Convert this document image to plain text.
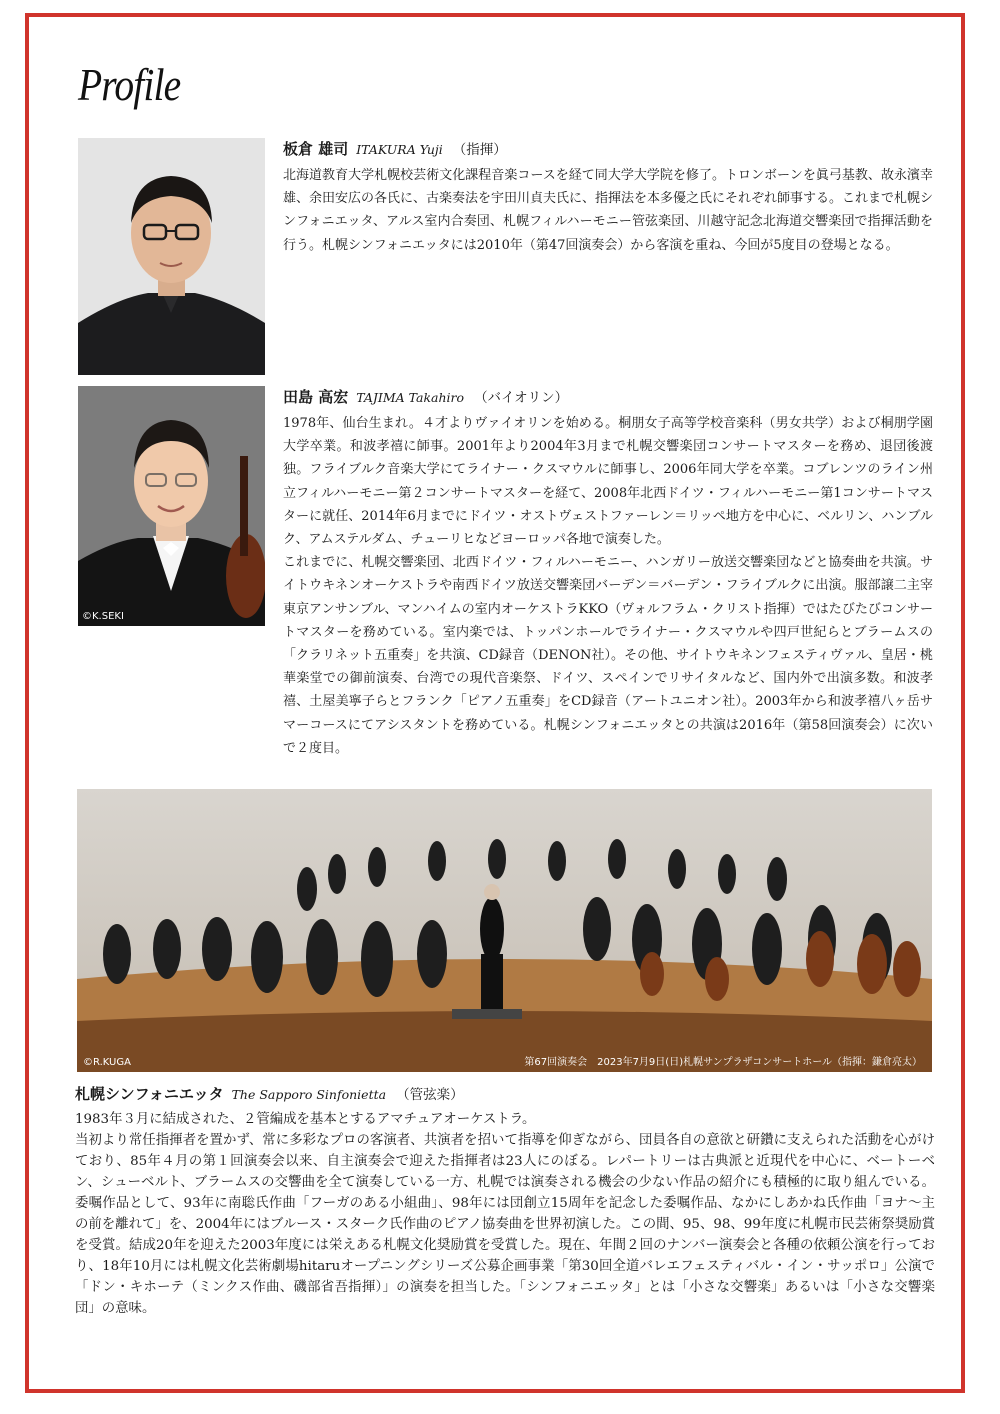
Profile
板倉 雄司 ITAKURA Yuji （指揮）

北海道教育大学札幌校芸術文化課程音楽コースを経て同大学大学院を修了。トロンボーンを眞弓基教、故永濱幸雄、余田安広の各氏に、古楽奏法を宇田川貞夫氏に、指揮法を本多優之氏にそれぞれ師事する。これまで札幌シンフォニエッタ、アルス室内合奏団、札幌フィルハーモニー管弦楽団、川越守記念北海道交響楽団で指揮活動を行う。札幌シンフォニエッタには2010年（第47回演奏会）から客演を重ね、今回が5度目の登場となる。

©K.SEKI
田島 高宏 TAJIMA Takahiro （バイオリン）

1978年、仙台生まれ。４才よりヴァイオリンを始める。桐朋女子高等学校音楽科（男女共学）および桐朋学園大学卒業。和波孝禧に師事。2001年より2004年3月まで札幌交響楽団コンサートマスターを務め、退団後渡独。フライブルク音楽大学にてライナー・クスマウルに師事し、2006年同大学を卒業。コブレンツのライン州立フィルハーモニー第２コンサートマスターを経て、2008年北西ドイツ・フィルハーモニー第1コンサートマスターに就任、2014年6月までにドイツ・オストヴェストファーレン＝リッペ地方を中心に、ベルリン、ハンブルク、アムステルダム、チューリヒなどヨーロッパ各地で演奏した。

これまでに、札幌交響楽団、北西ドイツ・フィルハーモニー、ハンガリー放送交響楽団などと協奏曲を共演。サイトウキネンオーケストラや南西ドイツ放送交響楽団バーデン＝バーデン・フライブルクに出演。服部譲二主宰東京アンサンブル、マンハイムの室内オーケストラKKO（ヴォルフラム・クリスト指揮）ではたびたびコンサートマスターを務めている。室内楽では、トッパンホールでライナー・クスマウルや四戸世紀らとブラームスの「クラリネット五重奏」を共演、CD録音（DENON社）。その他、サイトウキネンフェスティヴァル、皇居・桃華楽堂での御前演奏、台湾での現代音楽祭、ドイツ、スペインでリサイタルなど、国内外で出演多数。和波孝禧、土屋美寧子らとフランク「ピアノ五重奏」をCD録音（アートユニオン社）。2003年から和波孝禧八ヶ岳サマーコースにてアシスタントを務めている。札幌シンフォニエッタとの共演は2016年（第58回演奏会）に次いで２度目。

©R.KUGA	第67回演奏会　2023年7月9日(日)札幌サンプラザコンサートホール（指揮：鎌倉亮太）
札幌シンフォニエッタ The Sapporo Sinfonietta （管弦楽）

1983年３月に結成された、２管編成を基本とするアマチュアオーケストラ。

当初より常任指揮者を置かず、常に多彩なプロの客演者、共演者を招いて指導を仰ぎながら、団員各自の意欲と研鑽に支えられた活動を心がけており、85年４月の第１回演奏会以来、自主演奏会で迎えた指揮者は23人にのぼる。レパートリーは古典派と近現代を中心に、ベートーベン、シューベルト、ブラームスの交響曲を全て演奏している一方、札幌では演奏される機会の少ない作品の紹介にも積極的に取り組んでいる。委嘱作品として、93年に南聡氏作曲「フーガのある小組曲」、98年には団創立15周年を記念した委嘱作品、なかにしあかね氏作曲「ヨナ〜主の前を離れて」を、2004年にはブルース・スターク氏作曲のピアノ協奏曲を世界初演した。この間、95、98、99年度に札幌市民芸術祭奨励賞を受賞。結成20年を迎えた2003年度には栄えある札幌文化奨励賞を受賞した。現在、年間２回のナンバー演奏会と各種の依頼公演を行っており、18年10月には札幌文化芸術劇場hitaruオープニングシリーズ公募企画事業「第30回全道バレエフェスティバル・イン・サッポロ」公演で「ドン・キホーテ（ミンクス作曲、磯部省吾指揮）」の演奏を担当した。「シンフォニエッタ」とは「小さな交響楽」あるいは「小さな交響楽団」の意味。
